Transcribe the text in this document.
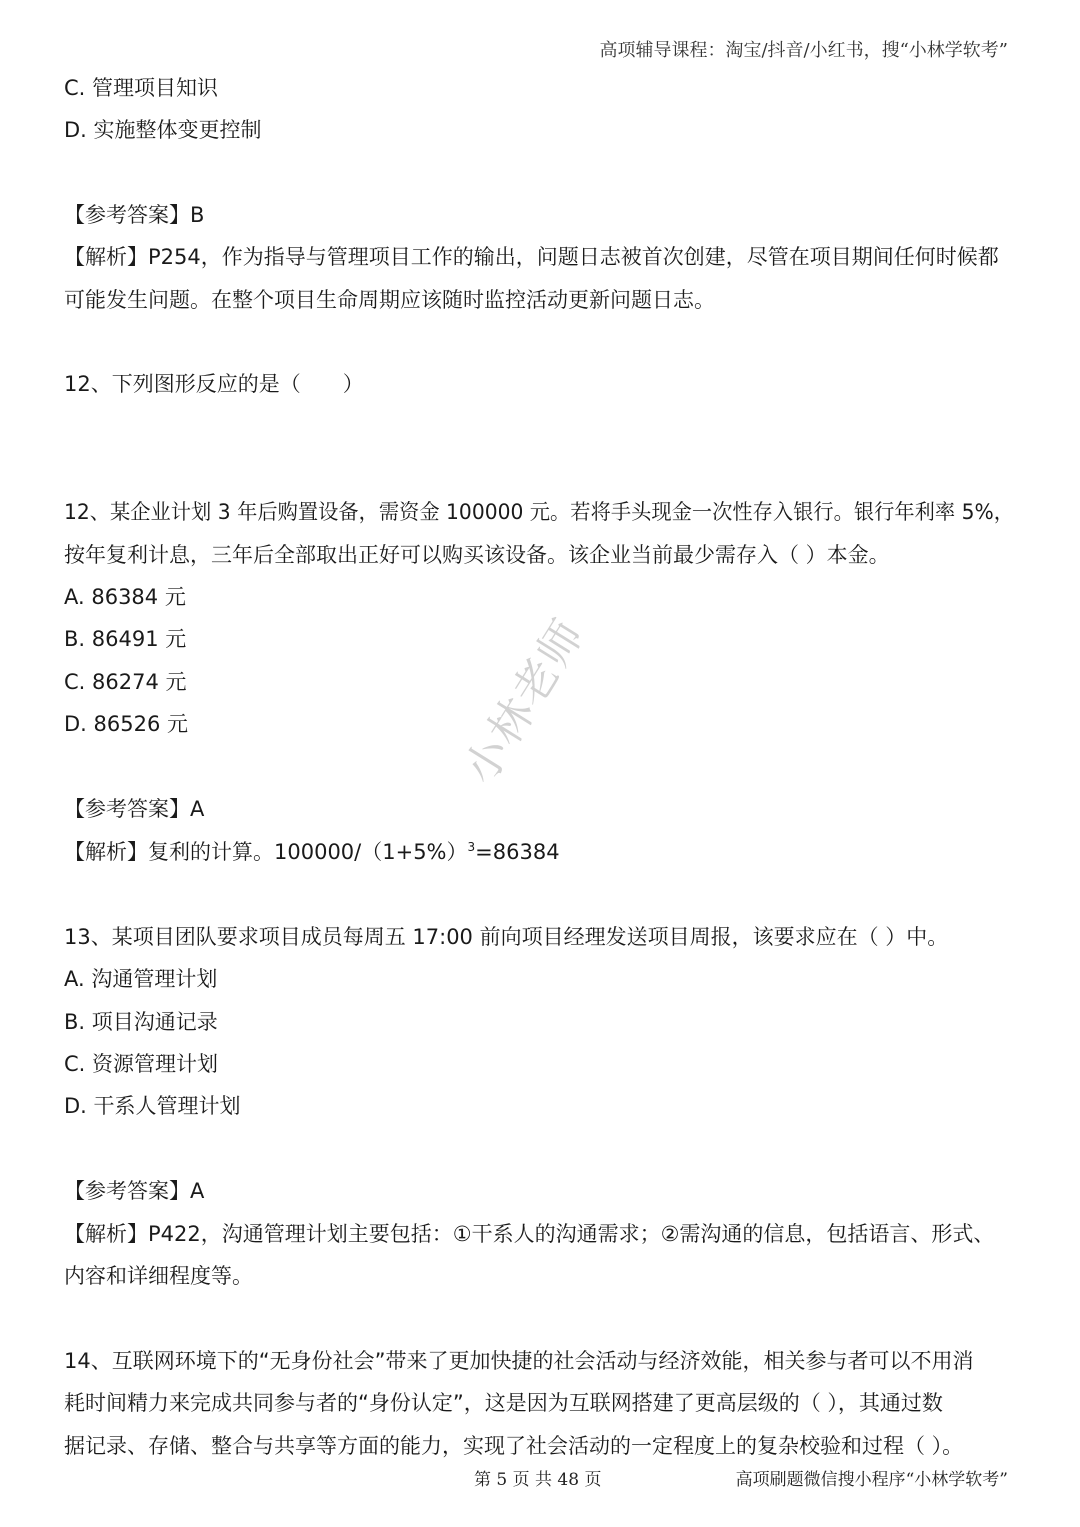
高项辅导课程：淘宝/抖音/小红书，搜“小林学软考”
C. 管理项目知识
D. 实施整体变更控制
【参考答案】B
【解析】P254，作为指导与管理项目工作的输出，问题日志被首次创建，尽管在项目期间任何时候都
可能发生问题。在整个项目生命周期应该随时监控活动更新问题日志。
12、下列图形反应的是（　　）
12、某企业计划 3 年后购置设备，需资金 100000 元。若将手头现金一次性存入银行。银行年利率 5%，
按年复利计息，三年后全部取出正好可以购买该设备。该企业当前最少需存入（ ）本金。
A. 86384 元
B. 86491 元
C. 86274 元
D. 86526 元
【参考答案】A
【解析】复利的计算。$100000/(1+5\%)^3=86384$
13、某项目团队要求项目成员每周五 17:00 前向项目经理发送项目周报，该要求应在（ ）中。
A. 沟通管理计划
B. 项目沟通记录
C. 资源管理计划
D. 干系人管理计划
【参考答案】A
【解析】P422，沟通管理计划主要包括：①干系人的沟通需求；②需沟通的信息，包括语言、形式、
内容和详细程度等。
14、互联网环境下的“无身份社会”带来了更加快捷的社会活动与经济效能，相关参与者可以不用消
耗时间精力来完成共同参与者的“身份认定”，这是因为互联网搭建了更高层级的（ ），其通过数
据记录、存储、整合与共享等方面的能力，实现了社会活动的一定程度上的复杂校验和过程（ ）。
小林老师
第 5 页 共 48 页	高项刷题微信搜小程序“小林学软考”
